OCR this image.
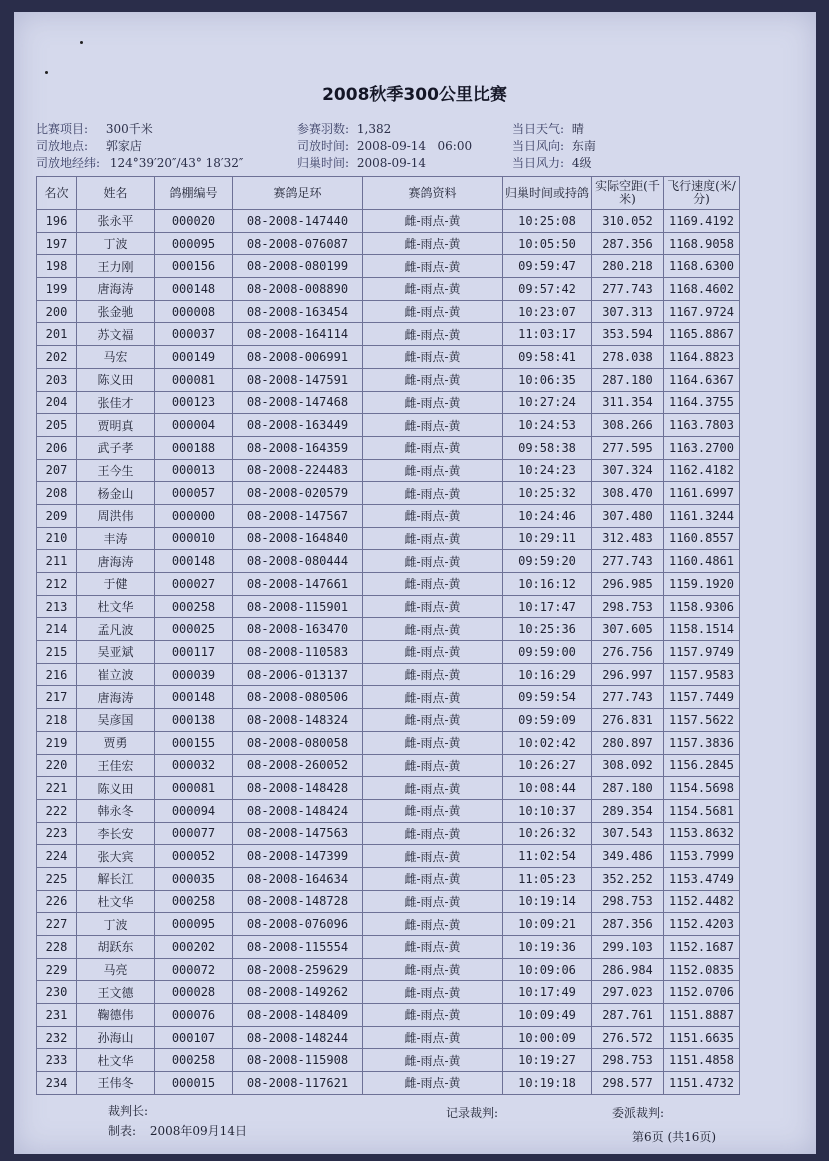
2008秋季300公里比赛
比赛项目: 300千米
司放地点: 郭家店
司放地经纬: 124°39′20″/43° 18′32″
参赛羽数: 1,382
司放时间: 2008-09-14   06:00
归巢时间: 2008-09-14
当日天气: 晴
当日风向: 东南
当日风力: 4级
名次	姓名	鸽棚编号	赛鸽足环	赛鸽资料	归巢时间或持鸽	实际空距(千米)	飞行速度(米/分)
196	张永平	000020	08-2008-147440	雌-雨点-黄	10:25:08	310.052	1169.4192
197	丁波	000095	08-2008-076087	雌-雨点-黄	10:05:50	287.356	1168.9058
198	王力刚	000156	08-2008-080199	雌-雨点-黄	09:59:47	280.218	1168.6300
199	唐海涛	000148	08-2008-008890	雌-雨点-黄	09:57:42	277.743	1168.4602
200	张金驰	000008	08-2008-163454	雌-雨点-黄	10:23:07	307.313	1167.9724
201	苏文福	000037	08-2008-164114	雌-雨点-黄	11:03:17	353.594	1165.8867
202	马宏	000149	08-2008-006991	雌-雨点-黄	09:58:41	278.038	1164.8823
203	陈义田	000081	08-2008-147591	雌-雨点-黄	10:06:35	287.180	1164.6367
204	张佳才	000123	08-2008-147468	雌-雨点-黄	10:27:24	311.354	1164.3755
205	贾明真	000004	08-2008-163449	雌-雨点-黄	10:24:53	308.266	1163.7803
206	武子孝	000188	08-2008-164359	雌-雨点-黄	09:58:38	277.595	1163.2700
207	王今生	000013	08-2008-224483	雌-雨点-黄	10:24:23	307.324	1162.4182
208	杨金山	000057	08-2008-020579	雌-雨点-黄	10:25:32	308.470	1161.6997
209	周洪伟	000000	08-2008-147567	雌-雨点-黄	10:24:46	307.480	1161.3244
210	丰涛	000010	08-2008-164840	雌-雨点-黄	10:29:11	312.483	1160.8557
211	唐海涛	000148	08-2008-080444	雌-雨点-黄	09:59:20	277.743	1160.4861
212	于健	000027	08-2008-147661	雌-雨点-黄	10:16:12	296.985	1159.1920
213	杜文华	000258	08-2008-115901	雌-雨点-黄	10:17:47	298.753	1158.9306
214	孟凡波	000025	08-2008-163470	雌-雨点-黄	10:25:36	307.605	1158.1514
215	吴亚斌	000117	08-2008-110583	雌-雨点-黄	09:59:00	276.756	1157.9749
216	崔立波	000039	08-2006-013137	雌-雨点-黄	10:16:29	296.997	1157.9583
217	唐海涛	000148	08-2008-080506	雌-雨点-黄	09:59:54	277.743	1157.7449
218	吴彦国	000138	08-2008-148324	雌-雨点-黄	09:59:09	276.831	1157.5622
219	贾勇	000155	08-2008-080058	雌-雨点-黄	10:02:42	280.897	1157.3836
220	王佳宏	000032	08-2008-260052	雌-雨点-黄	10:26:27	308.092	1156.2845
221	陈义田	000081	08-2008-148428	雌-雨点-黄	10:08:44	287.180	1154.5698
222	韩永冬	000094	08-2008-148424	雌-雨点-黄	10:10:37	289.354	1154.5681
223	李长安	000077	08-2008-147563	雌-雨点-黄	10:26:32	307.543	1153.8632
224	张大宾	000052	08-2008-147399	雌-雨点-黄	11:02:54	349.486	1153.7999
225	解长江	000035	08-2008-164634	雌-雨点-黄	11:05:23	352.252	1153.4749
226	杜文华	000258	08-2008-148728	雌-雨点-黄	10:19:14	298.753	1152.4482
227	丁波	000095	08-2008-076096	雌-雨点-黄	10:09:21	287.356	1152.4203
228	胡跃东	000202	08-2008-115554	雌-雨点-黄	10:19:36	299.103	1152.1687
229	马亮	000072	08-2008-259629	雌-雨点-黄	10:09:06	286.984	1152.0835
230	王文德	000028	08-2008-149262	雌-雨点-黄	10:17:49	297.023	1152.0706
231	鞠德伟	000076	08-2008-148409	雌-雨点-黄	10:09:49	287.761	1151.8887
232	孙海山	000107	08-2008-148244	雌-雨点-黄	10:00:09	276.572	1151.6635
233	杜文华	000258	08-2008-115908	雌-雨点-黄	10:19:27	298.753	1151.4858
234	王伟冬	000015	08-2008-117621	雌-雨点-黄	10:19:18	298.577	1151.4732
裁判长:	记录裁判:	委派裁判:
制表: 2008年09月14日	第6页 (共16页)
